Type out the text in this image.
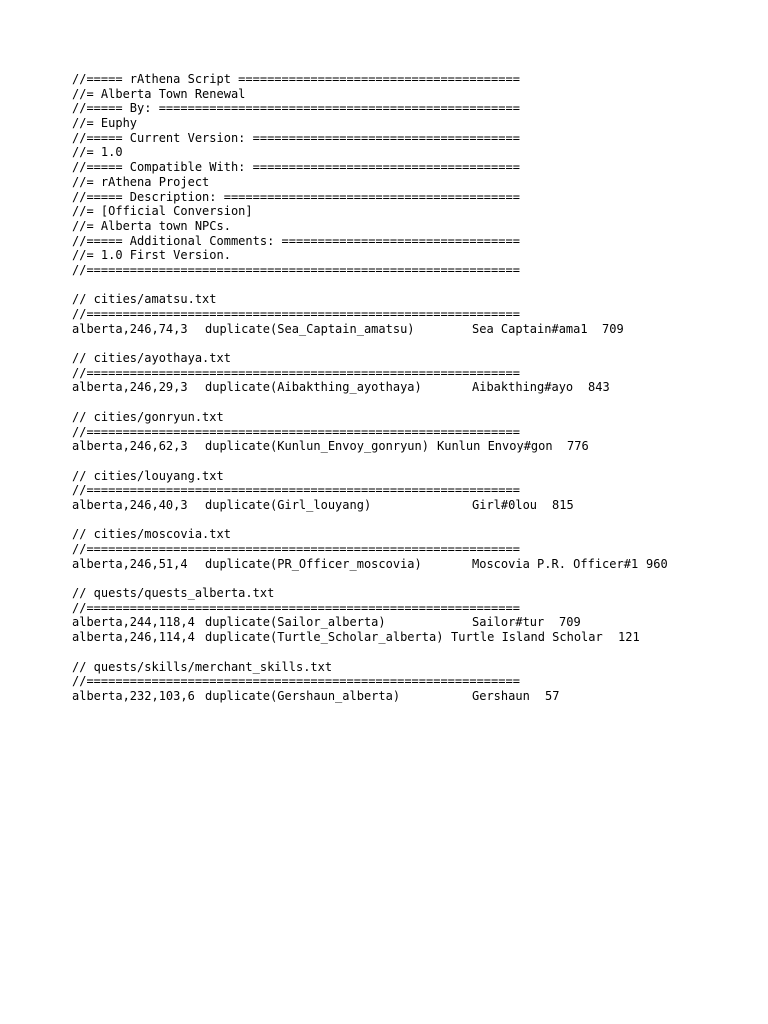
//===== rAthena Script =======================================
//= Alberta Town Renewal
//===== By: ==================================================
//= Euphy
//===== Current Version: =====================================
//= 1.0
//===== Compatible With: =====================================
//= rAthena Project
//===== Description: =========================================
//= [Official Conversion]
//= Alberta town NPCs.
//===== Additional Comments: =================================
//= 1.0 First Version.
//============================================================
// cities/amatsu.txt
//============================================================
alberta,246,74,3 duplicate(Sea_Captain_amatsu)	Sea Captain#ama1 709
// cities/ayothaya.txt
//============================================================
alberta,246,29,3 duplicate(Aibakthing_ayothaya)	Aibakthing#ayo 843
// cities/gonryun.txt
//============================================================
alberta,246,62,3 duplicate(Kunlun_Envoy_gonryun) Kunlun Envoy#gon 776
// cities/louyang.txt
//============================================================
alberta,246,40,3 duplicate(Girl_louyang)	Girl#0lou 815
// cities/moscovia.txt
//============================================================
alberta,246,51,4 duplicate(PR_Officer_moscovia)	Moscovia P.R. Officer#1 960
// quests/quests_alberta.txt
//============================================================
alberta,244,118,4 duplicate(Sailor_alberta)	Sailor#tur 709
alberta,246,114,4 duplicate(Turtle_Scholar_alberta) Turtle Island Scholar 121
// quests/skills/merchant_skills.txt
//============================================================
alberta,232,103,6 duplicate(Gershaun_alberta)	Gershaun 57
